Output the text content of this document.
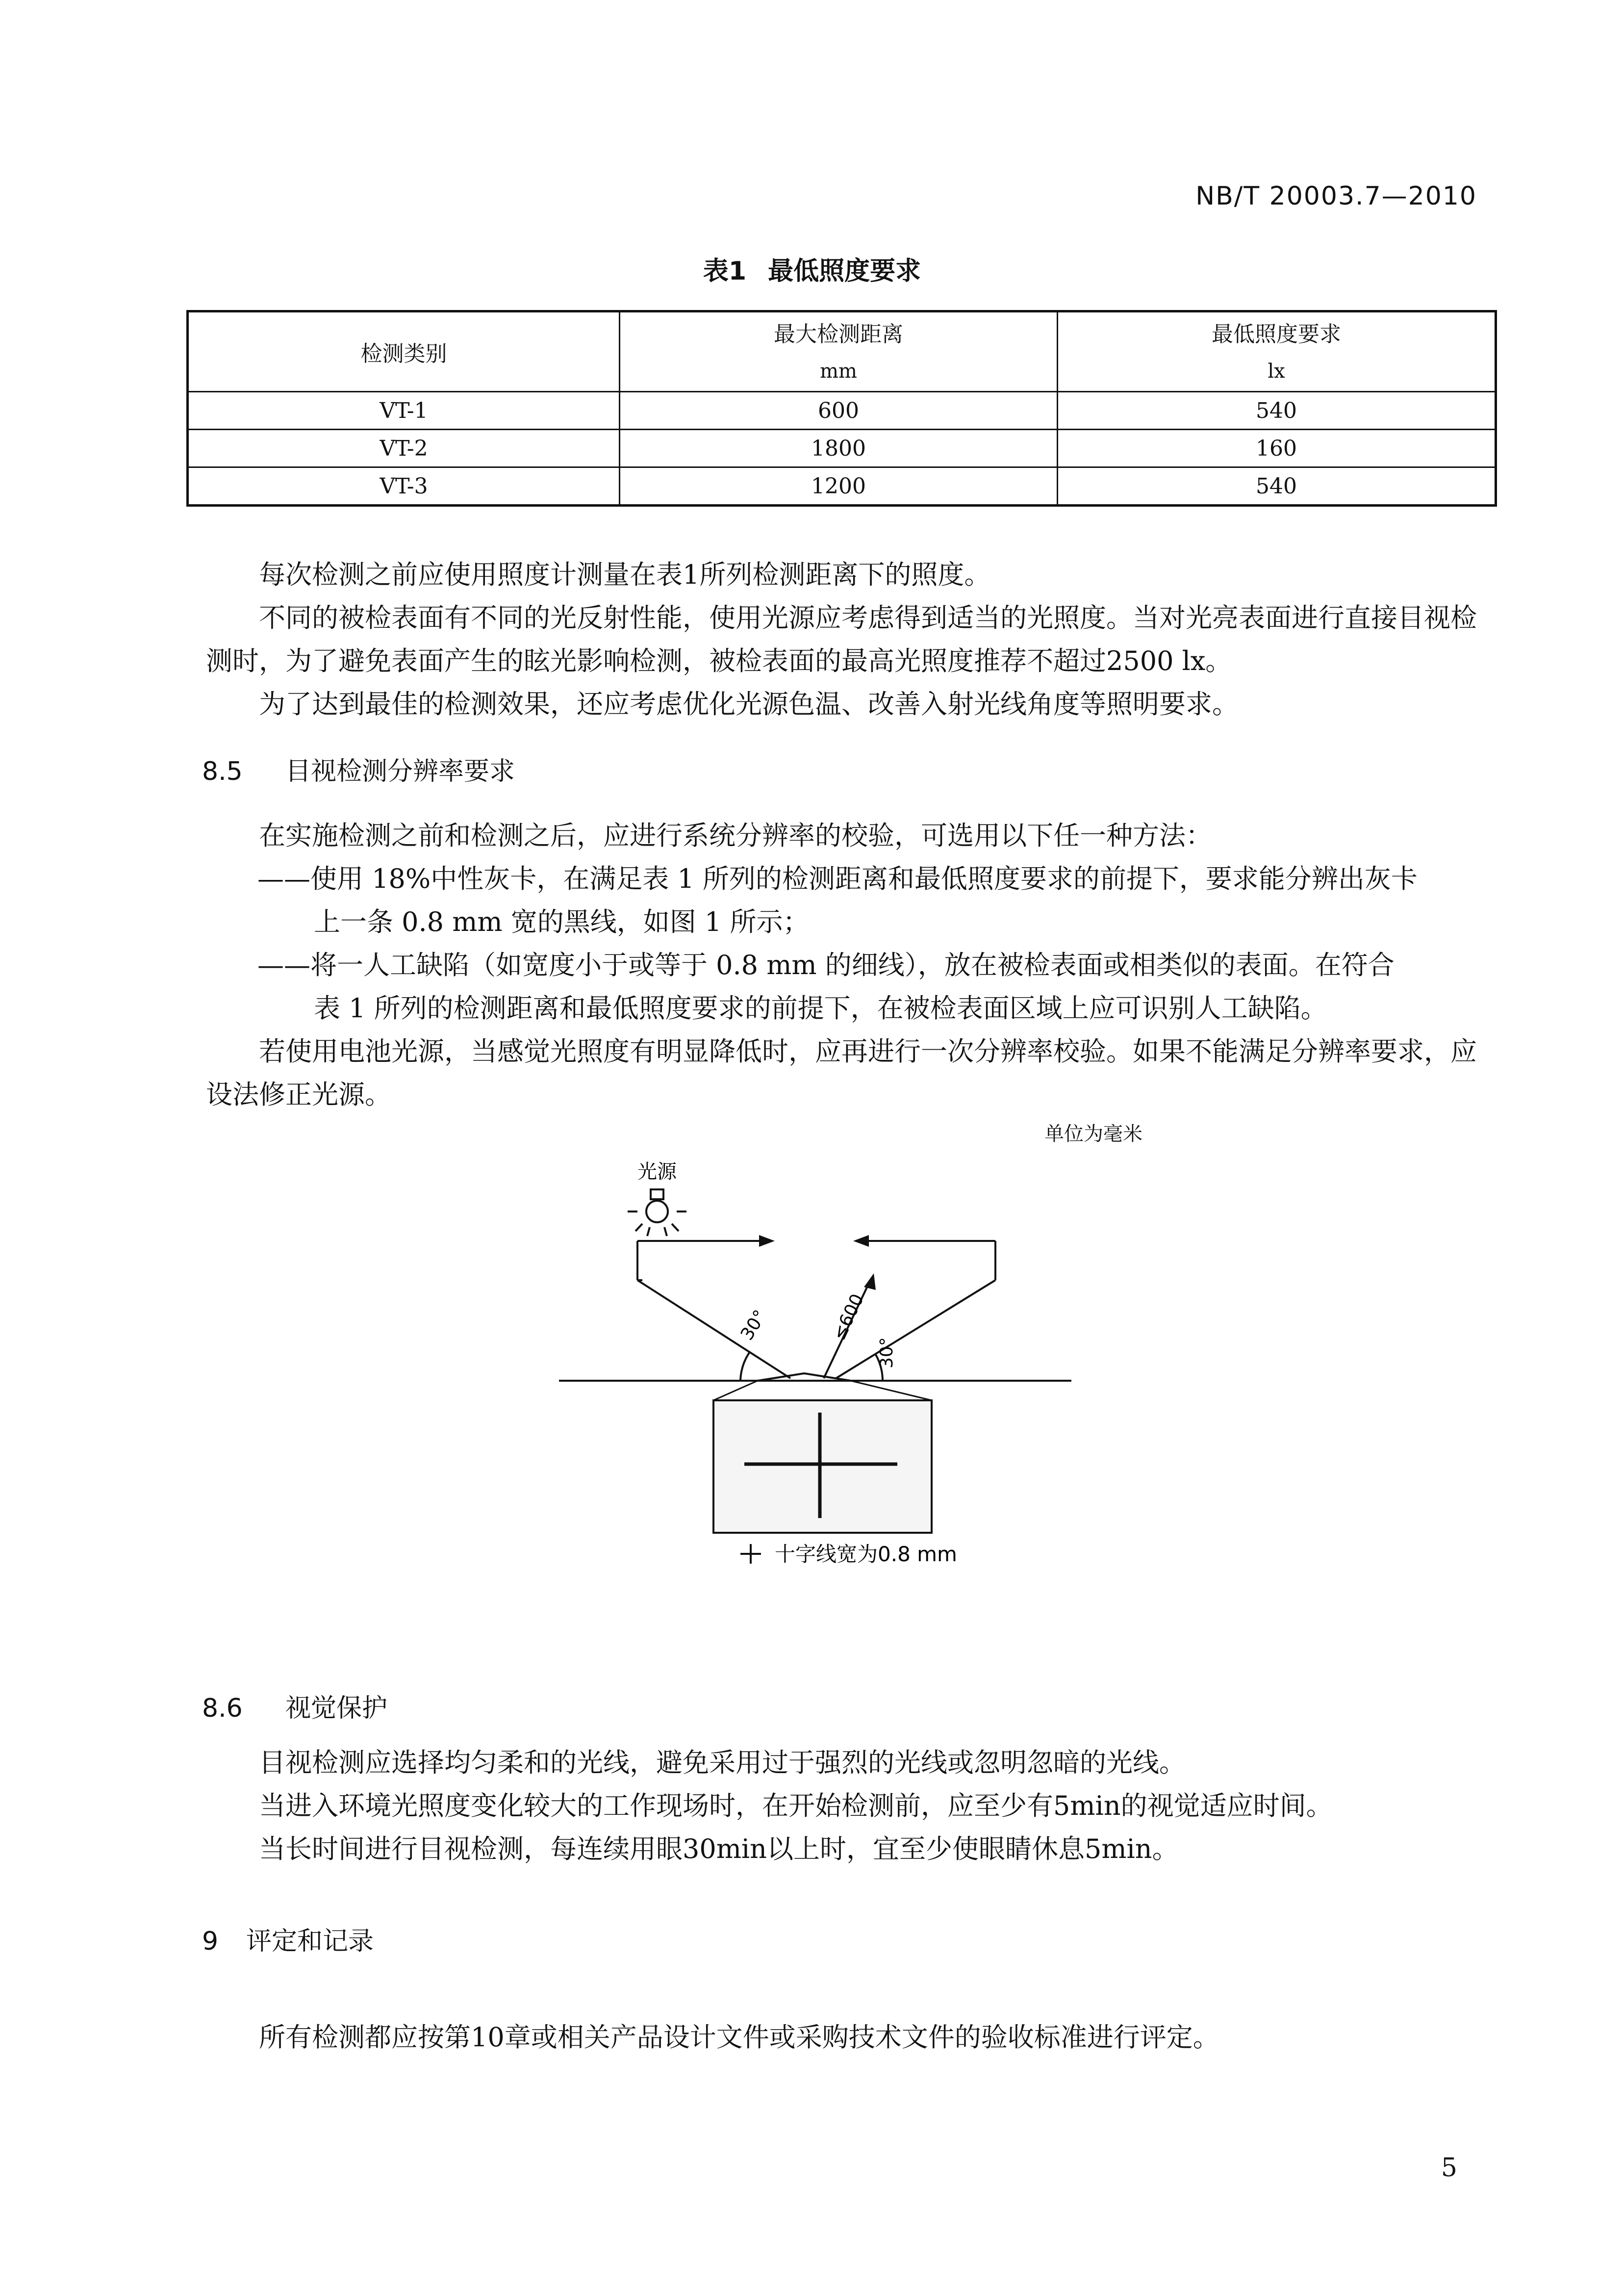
NB/T 20003.7—2010
表1 最低照度要求
检测类别	最大检测距离	最低照度要求
	mm	lx
VT-1	600	540
VT-2	1800	160
VT-3	1200	540
每次检测之前应使用照度计测量在表1所列检测距离下的照度。
不同的被检表面有不同的光反射性能，使用光源应考虑得到适当的光照度。当对光亮表面进行直接目视检测时，为了避免表面产生的眩光影响检测，被检表面的最高光照度推荐不超过2500 lx。
为了达到最佳的检测效果，还应考虑优化光源色温、改善入射光线角度等照明要求。
8.5 目视检测分辨率要求
在实施检测之前和检测之后，应进行系统分辨率的校验，可选用以下任一种方法：
——使用 18%中性灰卡，在满足表 1 所列的检测距离和最低照度要求的前提下，要求能分辨出灰卡
上一条 0.8 mm 宽的黑线，如图 1 所示；
——将一人工缺陷（如宽度小于或等于 0.8 mm 的细线），放在被检表面或相类似的表面。在符合
表 1 所列的检测距离和最低照度要求的前提下，在被检表面区域上应可识别人工缺陷。
若使用电池光源，当感觉光照度有明显降低时，应再进行一次分辨率校验。如果不能满足分辨率要求，应设法修正光源。
单位为毫米
光源
30°
30°
≤600
十字线宽为0.8 mm
8.6 视觉保护
目视检测应选择均匀柔和的光线，避免采用过于强烈的光线或忽明忽暗的光线。
当进入环境光照度变化较大的工作现场时，在开始检测前，应至少有5min的视觉适应时间。
当长时间进行目视检测，每连续用眼30min以上时，宜至少使眼睛休息5min。
9 评定和记录
所有检测都应按第10章或相关产品设计文件或采购技术文件的验收标准进行评定。
5
